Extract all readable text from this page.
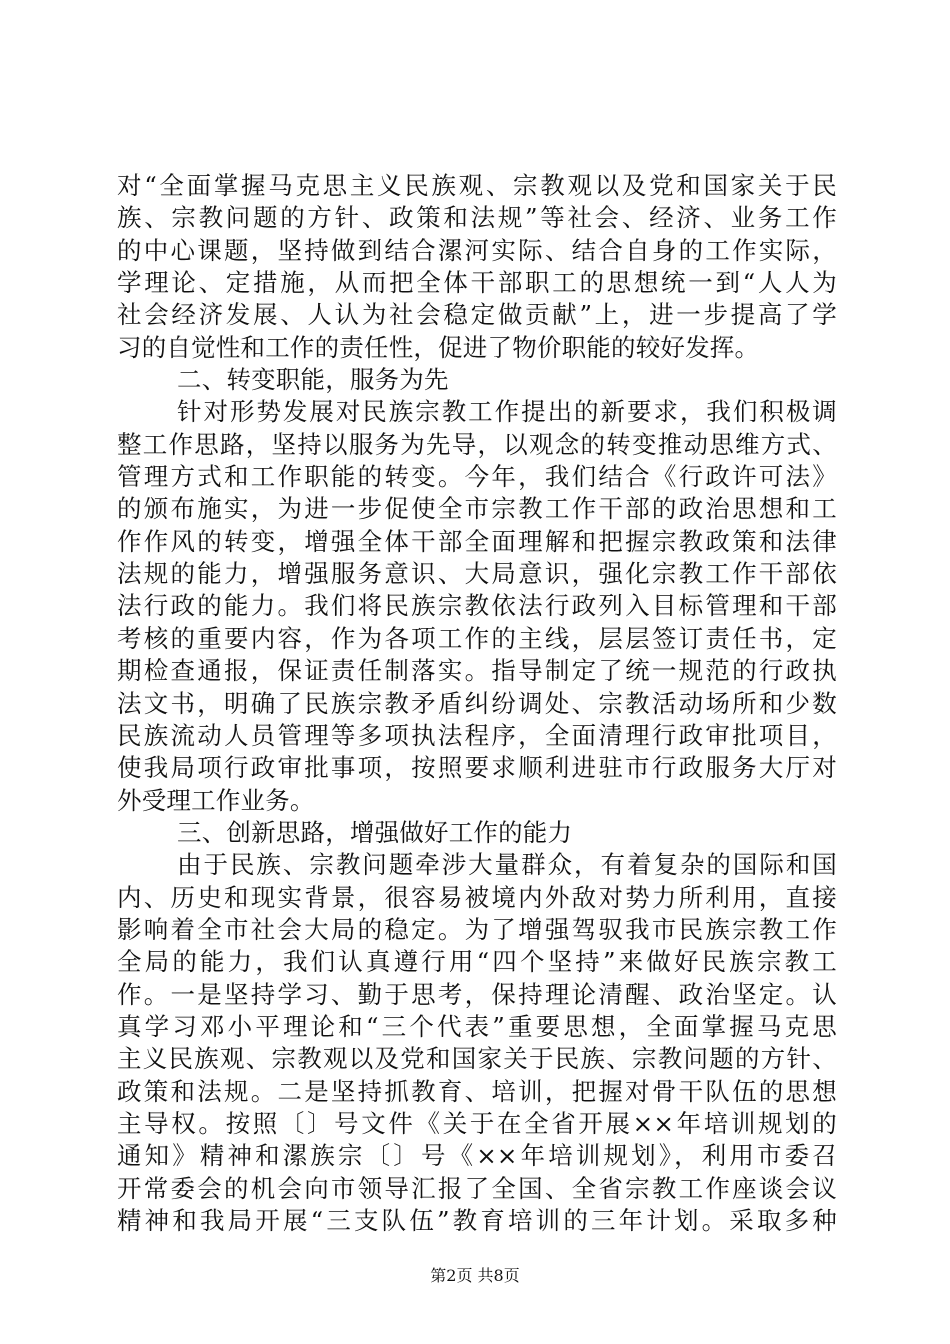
对“全面掌握马克思主义民族观、宗教观以及党和国家关于民
族、宗教问题的方针、政策和法规”等社会、经济、业务工作
的中心课题，坚持做到结合漯河实际、结合自身的工作实际，
学理论、定措施，从而把全体干部职工的思想统一到“人人为
社会经济发展、人认为社会稳定做贡献”上，进一步提高了学
习的自觉性和工作的责任性，促进了物价职能的较好发挥。
二、转变职能，服务为先
针对形势发展对民族宗教工作提出的新要求，我们积极调
整工作思路，坚持以服务为先导，以观念的转变推动思维方式、
管理方式和工作职能的转变。今年，我们结合《行政许可法》
的颁布施实，为进一步促使全市宗教工作干部的政治思想和工
作作风的转变，增强全体干部全面理解和把握宗教政策和法律
法规的能力，增强服务意识、大局意识，强化宗教工作干部依
法行政的能力。我们将民族宗教依法行政列入目标管理和干部
考核的重要内容，作为各项工作的主线，层层签订责任书，定
期检查通报，保证责任制落实。指导制定了统一规范的行政执
法文书，明确了民族宗教矛盾纠纷调处、宗教活动场所和少数
民族流动人员管理等多项执法程序，全面清理行政审批项目，
使我局项行政审批事项，按照要求顺利进驻市行政服务大厅对
外受理工作业务。
三、创新思路，增强做好工作的能力
由于民族、宗教问题牵涉大量群众，有着复杂的国际和国
内、历史和现实背景，很容易被境内外敌对势力所利用，直接
影响着全市社会大局的稳定。为了增强驾驭我市民族宗教工作
全局的能力，我们认真遵行用“四个坚持”来做好民族宗教工
作。一是坚持学习、勤于思考，保持理论清醒、政治坚定。认
真学习邓小平理论和“三个代表”重要思想，全面掌握马克思
主义民族观、宗教观以及党和国家关于民族、宗教问题的方针、
政策和法规。二是坚持抓教育、培训，把握对骨干队伍的思想
主导权。按照〔〕号文件《关于在全省开展××年培训规划的
通知》精神和漯族宗〔〕号《××年培训规划》，利用市委召
开常委会的机会向市领导汇报了全国、全省宗教工作座谈会议
精神和我局开展“三支队伍”教育培训的三年计划。采取多种
第2页 共8页
